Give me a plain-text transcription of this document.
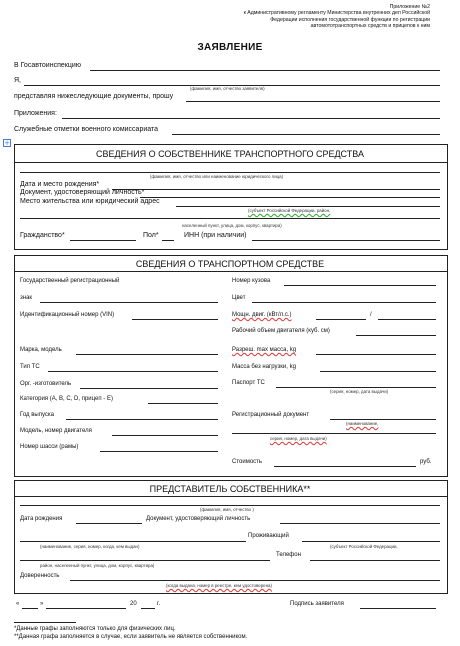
Приложение №2
к Административному регламенту Министерства внутренних дел Российской Федерации исполнения государственной функции по регистрации автомототранспортных средств и прицепов к ним
ЗАЯВЛЕНИЕ
В Госавтоинспекцию
Я,
(фамилия, имя, отчество заявителя)
представляя нижеследующие документы, прошу
Приложения:
Служебные отметки военного комиссариата
+
СВЕДЕНИЯ О СОБСТВЕННИКЕ ТРАНСПОРТНОГО СРЕДСТВА
(фамилия, имя, отчество или наименование юридического лица)
Дата и место рождения*
Документ, удостоверяющий личность*
Место жительства или юридический адрес
(субъект Российской Федерации, район,
населенный пункт, улица, дом, корпус, квартира)
Гражданство*	Пол*	ИНН (при наличии)
СВЕДЕНИЯ О ТРАНСПОРТНОМ СРЕДСТВЕ
Государственный регистрационный
знак
Идентификационный номер (VIN)
Марка, модель
Тип ТС
Орг. -изготовитель
Категория (А, В, С, D, прицеп - Е)
Год выпуска
Модель, номер двигателя
Номер шасси (рамы)
Номер кузова
Цвет
Мощн. двиг. (кВт/л.с.)	/
Рабочий объем двигателя (куб. см)
Разреш. max масса, kg
Масса без нагрузки, kg
Паспорт ТС
(серия, номер, дата выдачи)
Регистрационный документ
(наименование,
серия, номер, дата выдачи)
Стоимость	руб.
ПРЕДСТАВИТЕЛЬ СОБСТВЕННИКА**
(фамилия, имя, отчество )
Дата рождения	Документ, удостоверяющий личность
Проживающий
(наименование, серия, номер, когда, кем выдан)	(субъект Российской Федерации,
Телефон
район, населенный пункт, улица, дом, корпус, квартира)
Доверенность
(когда выдана, номер в реестре, кем удостоверена)
«	»	20	г.	Подпись заявителя
*Данные графы заполняются только для физических лиц.
**Данная графа заполняется в случае, если заявитель не является собственником.
